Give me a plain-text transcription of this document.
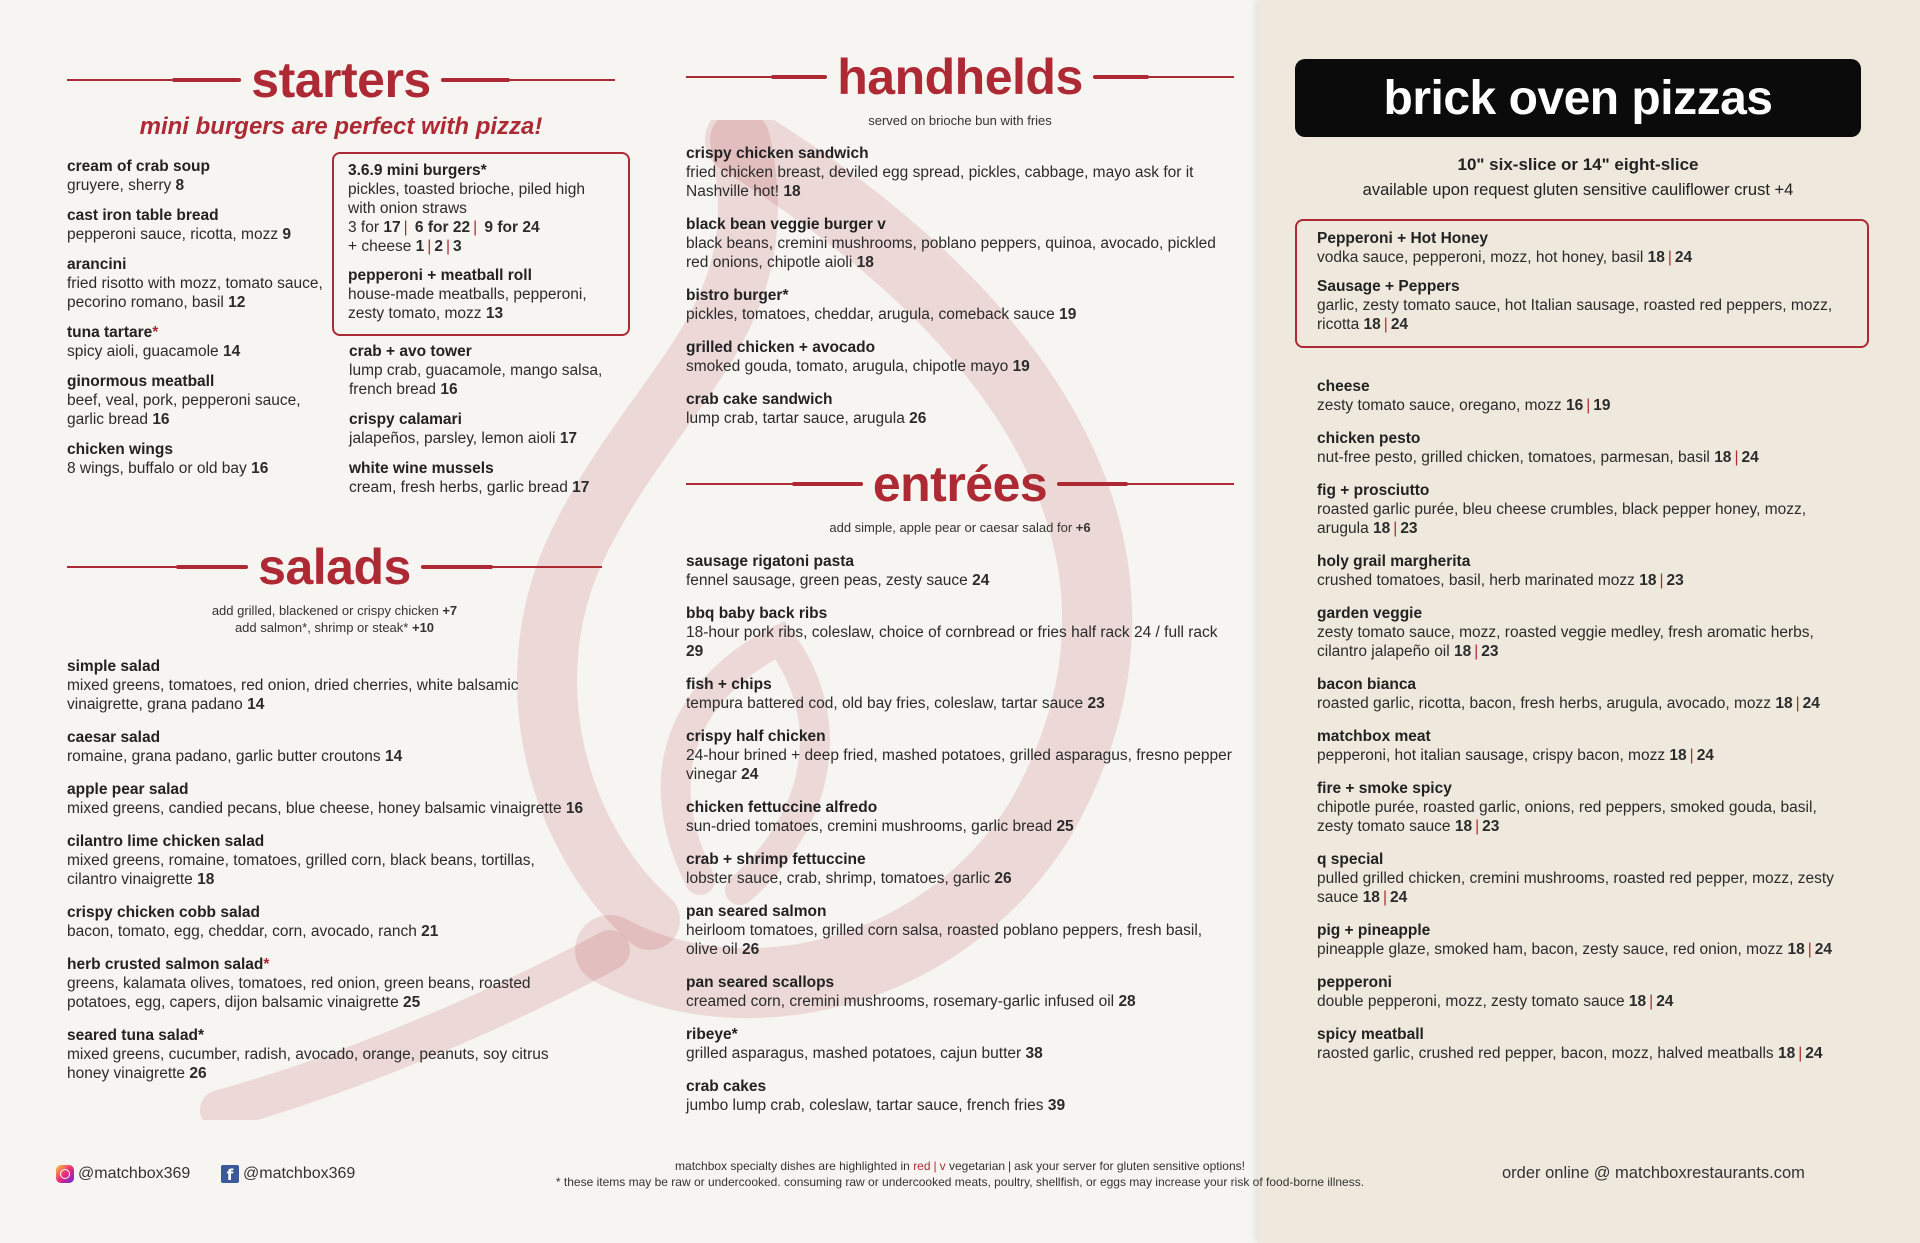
starters
mini burgers are perfect with pizza!
cream of crab soup
gruyere, sherry 8
cast iron table bread
pepperoni sauce, ricotta, mozz 9
arancini
fried risotto with mozz, tomato sauce, pecorino romano, basil 12
tuna tartare*
spicy aioli, guacamole 14
ginormous meatball
beef, veal, pork, pepperoni sauce, garlic bread 16
chicken wings
8 wings, buffalo or old bay 16
3.6.9 mini burgers*
pickles, toasted brioche, piled high with onion straws
3 for 17 | 6 for 22 | 9 for 24
+ cheese 1 | 2 | 3
pepperoni + meatball roll
house-made meatballs, pepperoni, zesty tomato, mozz 13
crab + avo tower
lump crab, guacamole, mango salsa, french bread 16
crispy calamari
jalapeños, parsley, lemon aioli 17
white wine mussels
cream, fresh herbs, garlic bread 17
salads
add grilled, blackened or crispy chicken +7
add salmon*, shrimp or steak* +10
simple salad
mixed greens, tomatoes, red onion, dried cherries, white balsamic vinaigrette, grana padano 14
caesar salad
romaine, grana padano, garlic butter croutons 14
apple pear salad
mixed greens, candied pecans, blue cheese, honey balsamic vinaigrette 16
cilantro lime chicken salad
mixed greens, romaine, tomatoes, grilled corn, black beans, tortillas, cilantro vinaigrette 18
crispy chicken cobb salad
bacon, tomato, egg, cheddar, corn, avocado, ranch 21
herb crusted salmon salad*
greens, kalamata olives, tomatoes, red onion, green beans, roasted potatoes, egg, capers, dijon balsamic vinaigrette 25
seared tuna salad*
mixed greens, cucumber, radish, avocado, orange, peanuts, soy citrus honey vinaigrette 26
handhelds
served on brioche bun with fries
crispy chicken sandwich
fried chicken breast, deviled egg spread, pickles, cabbage, mayo ask for it Nashville hot! 18
black bean veggie burger v
black beans, cremini mushrooms, poblano peppers, quinoa, avocado, pickled red onions, chipotle aioli 18
bistro burger*
pickles, tomatoes, cheddar, arugula, comeback sauce 19
grilled chicken + avocado
smoked gouda, tomato, arugula, chipotle mayo 19
crab cake sandwich
lump crab, tartar sauce, arugula 26
entrées
add simple, apple pear or caesar salad for +6
sausage rigatoni pasta
fennel sausage, green peas, zesty sauce 24
bbq baby back ribs
18-hour pork ribs, coleslaw, choice of cornbread or fries half rack 24 / full rack 29
fish + chips
tempura battered cod, old bay fries, coleslaw, tartar sauce 23
crispy half chicken
24-hour brined + deep fried, mashed potatoes, grilled asparagus, fresno pepper vinegar 24
chicken fettuccine alfredo
sun-dried tomatoes, cremini mushrooms, garlic bread 25
crab + shrimp fettuccine
lobster sauce, crab, shrimp, tomatoes, garlic 26
pan seared salmon
heirloom tomatoes, grilled corn salsa, roasted poblano peppers, fresh basil, olive oil 26
pan seared scallops
creamed corn, cremini mushrooms, rosemary-garlic infused oil 28
ribeye*
grilled asparagus, mashed potatoes, cajun butter 38
crab cakes
jumbo lump crab, coleslaw, tartar sauce, french fries 39
brick oven pizzas
10" six-slice or 14" eight-slice
available upon request gluten sensitive cauliflower crust +4
Pepperoni + Hot Honey
vodka sauce, pepperoni, mozz, hot honey, basil 18 | 24
Sausage + Peppers
garlic, zesty tomato sauce, hot Italian sausage, roasted red peppers, mozz, ricotta 18 | 24
cheese
zesty tomato sauce, oregano, mozz 16 | 19
chicken pesto
nut-free pesto, grilled chicken, tomatoes, parmesan, basil 18 | 24
fig + prosciutto
roasted garlic purée, bleu cheese crumbles, black pepper honey, mozz, arugula 18 | 23
holy grail margherita
crushed tomatoes, basil, herb marinated mozz 18 | 23
garden veggie
zesty tomato sauce, mozz, roasted veggie medley, fresh aromatic herbs, cilantro jalapeño oil 18 | 23
bacon bianca
roasted garlic, ricotta, bacon, fresh herbs, arugula, avocado, mozz 18 | 24
matchbox meat
pepperoni, hot italian sausage, crispy bacon, mozz 18 | 24
fire + smoke spicy
chipotle purée, roasted garlic, onions, red peppers, smoked gouda, basil, zesty tomato sauce 18 | 23
q special
pulled grilled chicken, cremini mushrooms, roasted red pepper, mozz, zesty sauce 18 | 24
pig + pineapple
pineapple glaze, smoked ham, bacon, zesty sauce, red onion, mozz 18 | 24
pepperoni
double pepperoni, mozz, zesty tomato sauce 18 | 24
spicy meatball
raosted garlic, crushed red pepper, bacon, mozz, halved meatballs 18 | 24
@matchbox369	f @matchbox369	matchbox specialty dishes are highlighted in red | v vegetarian | ask your server for gluten sensitive options!
* these items may be raw or undercooked. consuming raw or undercooked meats, poultry, shellfish, or eggs may increase your risk of food-borne illness.	order online @ matchboxrestaurants.com
